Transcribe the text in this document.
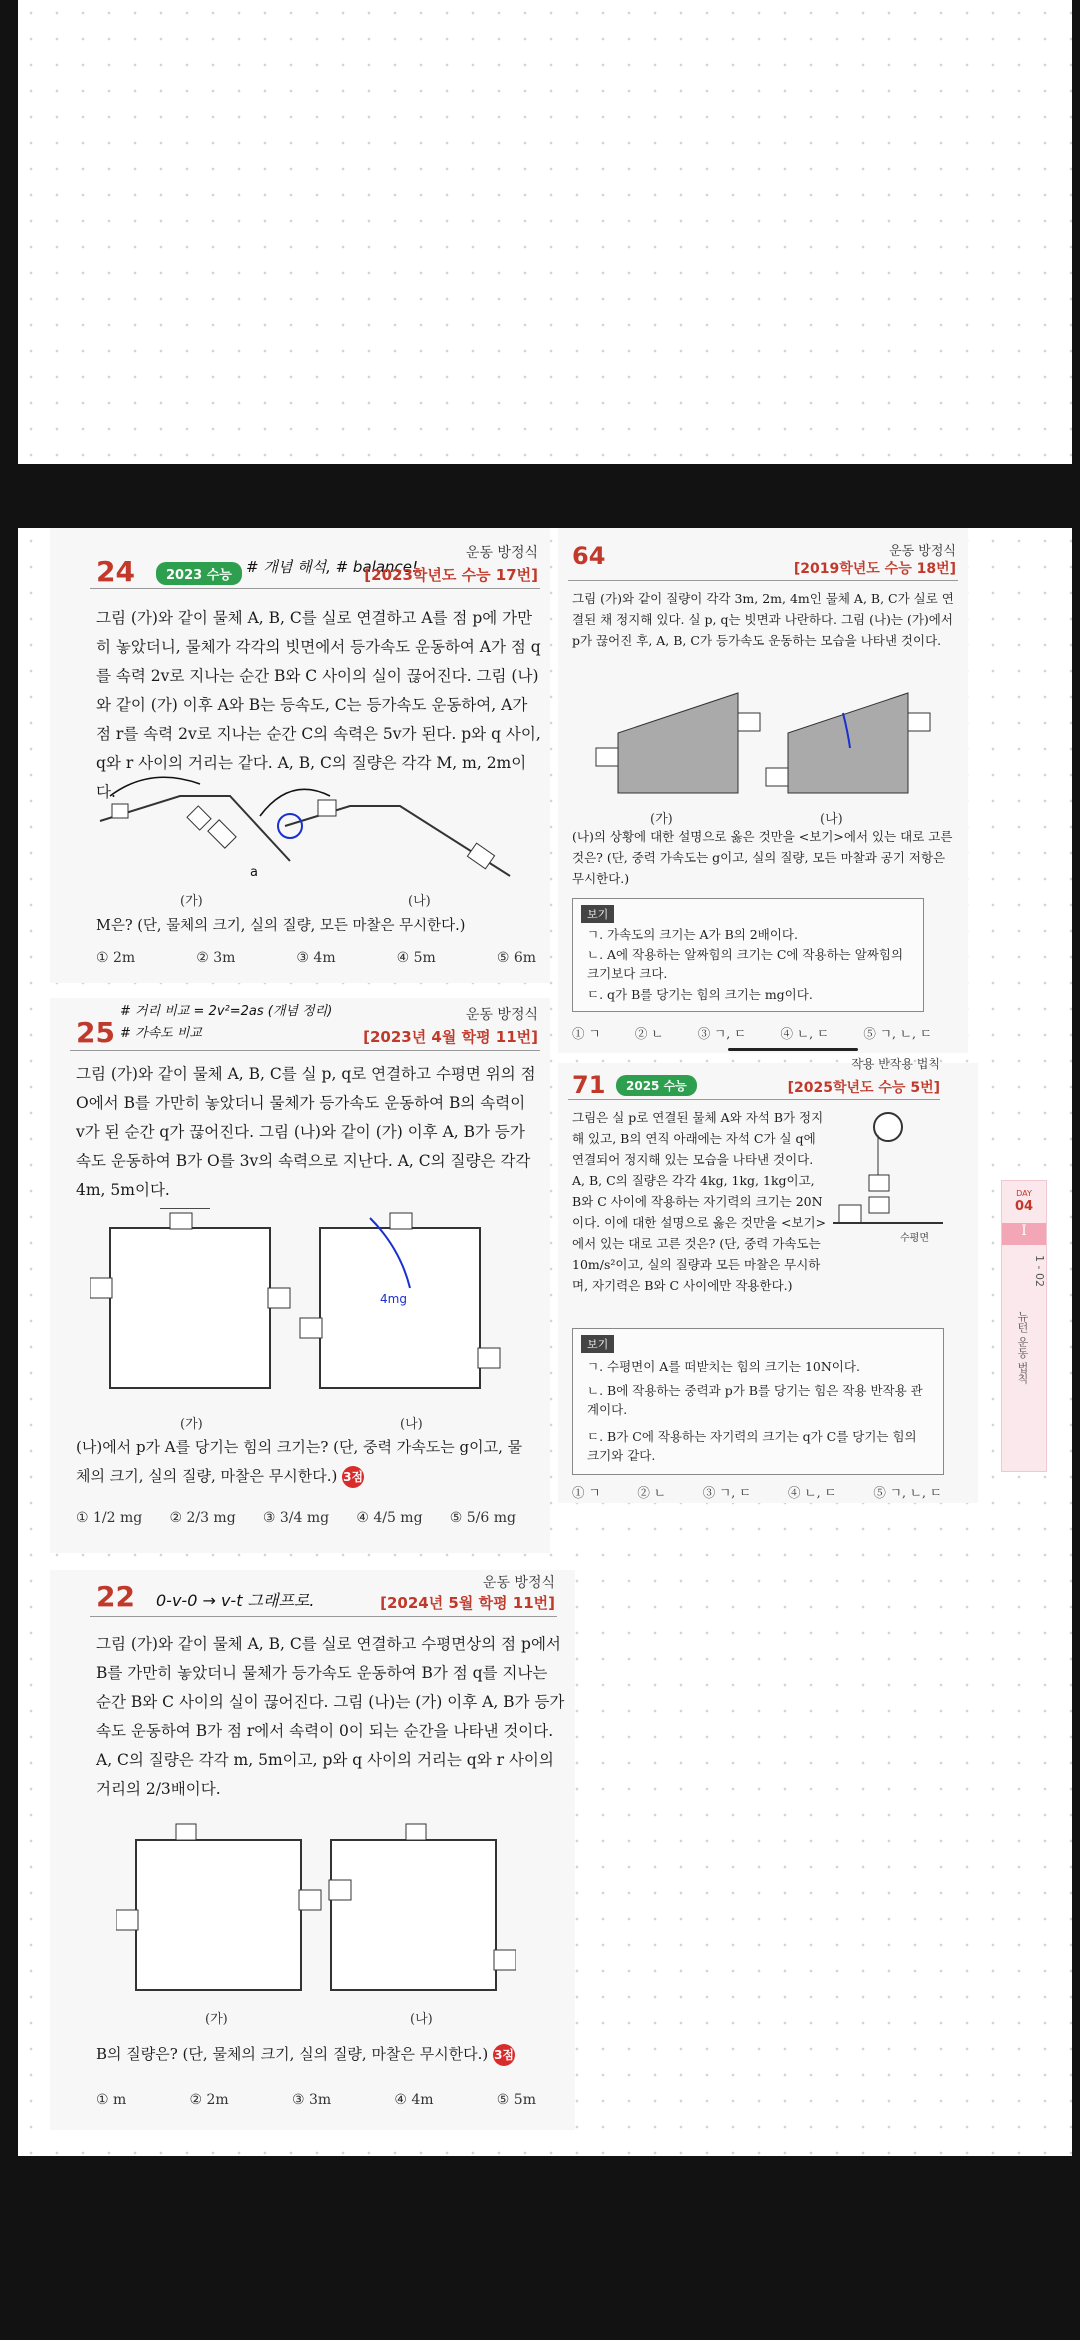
24	2023 수능 # 개념 해석, # balance!
운동 방정식
[2023학년도 수능 17번]
그림 (가)와 같이 물체 A, B, C를 실로 연결하고 A를 점 p에 가만히 놓았더니, 물체가 각각의 빗면에서 등가속도 운동하여 A가 점 q를 속력 2v로 지나는 순간 B와 C 사이의 실이 끊어진다. 그림 (나)와 같이 (가) 이후 A와 B는 등속도, C는 등가속도 운동하여, A가 점 r를 속력 2v로 지나는 순간 C의 속력은 5v가 된다. p와 q 사이, q와 r 사이의 거리는 같다. A, B, C의 질량은 각각 M, m, 2m이다.
a
(가)	(나)
M은? (단, 물체의 크기, 실의 질량, 모든 마찰은 무시한다.)
① 2m	② 3m	③ 4m	④ 5m	⑤ 6m
# 거리 비교 = 2v²=2as (개념 정리)
# 가속도 비교
25
운동 방정식
[2023년 4월 학평 11번]
그림 (가)와 같이 물체 A, B, C를 실 p, q로 연결하고 수평면 위의 점 O에서 B를 가만히 놓았더니 물체가 등가속도 운동하여 B의 속력이 v가 된 순간 q가 끊어진다. 그림 (나)와 같이 (가) 이후 A, B가 등가속도 운동하여 B가 O를 3v의 속력으로 지난다. A, C의 질량은 각각 4m, 5m이다.
4mg
(가)	(나)
(나)에서 p가 A를 당기는 힘의 크기는? (단, 중력 가속도는 g이고, 물체의 크기, 실의 질량, 마찰은 무시한다.) 3점
① 1/2 mg ② 2/3 mg ③ 3/4 mg ④ 4/5 mg ⑤ 5/6 mg
22 0-v-0 → v-t 그래프로.
운동 방정식
[2024년 5월 학평 11번]
그림 (가)와 같이 물체 A, B, C를 실로 연결하고 수평면상의 점 p에서 B를 가만히 놓았더니 물체가 등가속도 운동하여 B가 점 q를 지나는 순간 B와 C 사이의 실이 끊어진다. 그림 (나)는 (가) 이후 A, B가 등가속도 운동하여 B가 점 r에서 속력이 0이 되는 순간을 나타낸 것이다. A, C의 질량은 각각 m, 5m이고, p와 q 사이의 거리는 q와 r 사이의 거리의 2/3배이다.
(가)	(나)
B의 질량은? (단, 물체의 크기, 실의 질량, 마찰은 무시한다.) 3점
① m	② 2m	③ 3m	④ 4m	⑤ 5m
64	운동 방정식
[2019학년도 수능 18번]
그림 (가)와 같이 질량이 각각 3m, 2m, 4m인 물체 A, B, C가 실로 연결된 채 정지해 있다. 실 p, q는 빗면과 나란하다. 그림 (나)는 (가)에서 p가 끊어진 후, A, B, C가 등가속도 운동하는 모습을 나타낸 것이다.
(가)	(나)
(나)의 상황에 대한 설명으로 옳은 것만을 <보기>에서 있는 대로 고른 것은? (단, 중력 가속도는 g이고, 실의 질량, 모든 마찰과 공기 저항은 무시한다.)
보기
ㄱ. 가속도의 크기는 A가 B의 2배이다.
ㄴ. A에 작용하는 알짜힘의 크기는 C에 작용하는 알짜힘의 크기보다 크다.
ㄷ. q가 B를 당기는 힘의 크기는 mg이다.
① ㄱ	② ㄴ	③ ㄱ, ㄷ	④ ㄴ, ㄷ	⑤ ㄱ, ㄴ, ㄷ
71	2025 수능
작용 반작용 법칙
[2025학년도 수능 5번]
그림은 실 p로 연결된 물체 A와 자석 B가 정지해 있고, B의 연직 아래에는 자석 C가 실 q에 연결되어 정지해 있는 모습을 나타낸 것이다. A, B, C의 질량은 각각 4kg, 1kg, 1kg이고, B와 C 사이에 작용하는 자기력의 크기는 20N이다. 이에 대한 설명으로 옳은 것만을 <보기>에서 있는 대로 고른 것은? (단, 중력 가속도는 10m/s²이고, 실의 질량과 모든 마찰은 무시하며, 자기력은 B와 C 사이에만 작용한다.)
수평면
보기
ㄱ. 수평면이 A를 떠받치는 힘의 크기는 10N이다.
ㄴ. B에 작용하는 중력과 p가 B를 당기는 힘은 작용 반작용 관계이다.
ㄷ. B가 C에 작용하는 자기력의 크기는 q가 C를 당기는 힘의 크기와 같다.
① ㄱ	② ㄴ	③ ㄱ, ㄷ	④ ㄴ, ㄷ	⑤ ㄱ, ㄴ, ㄷ
DAY
04
I
1 - 02
뉴턴 운동 법칙
